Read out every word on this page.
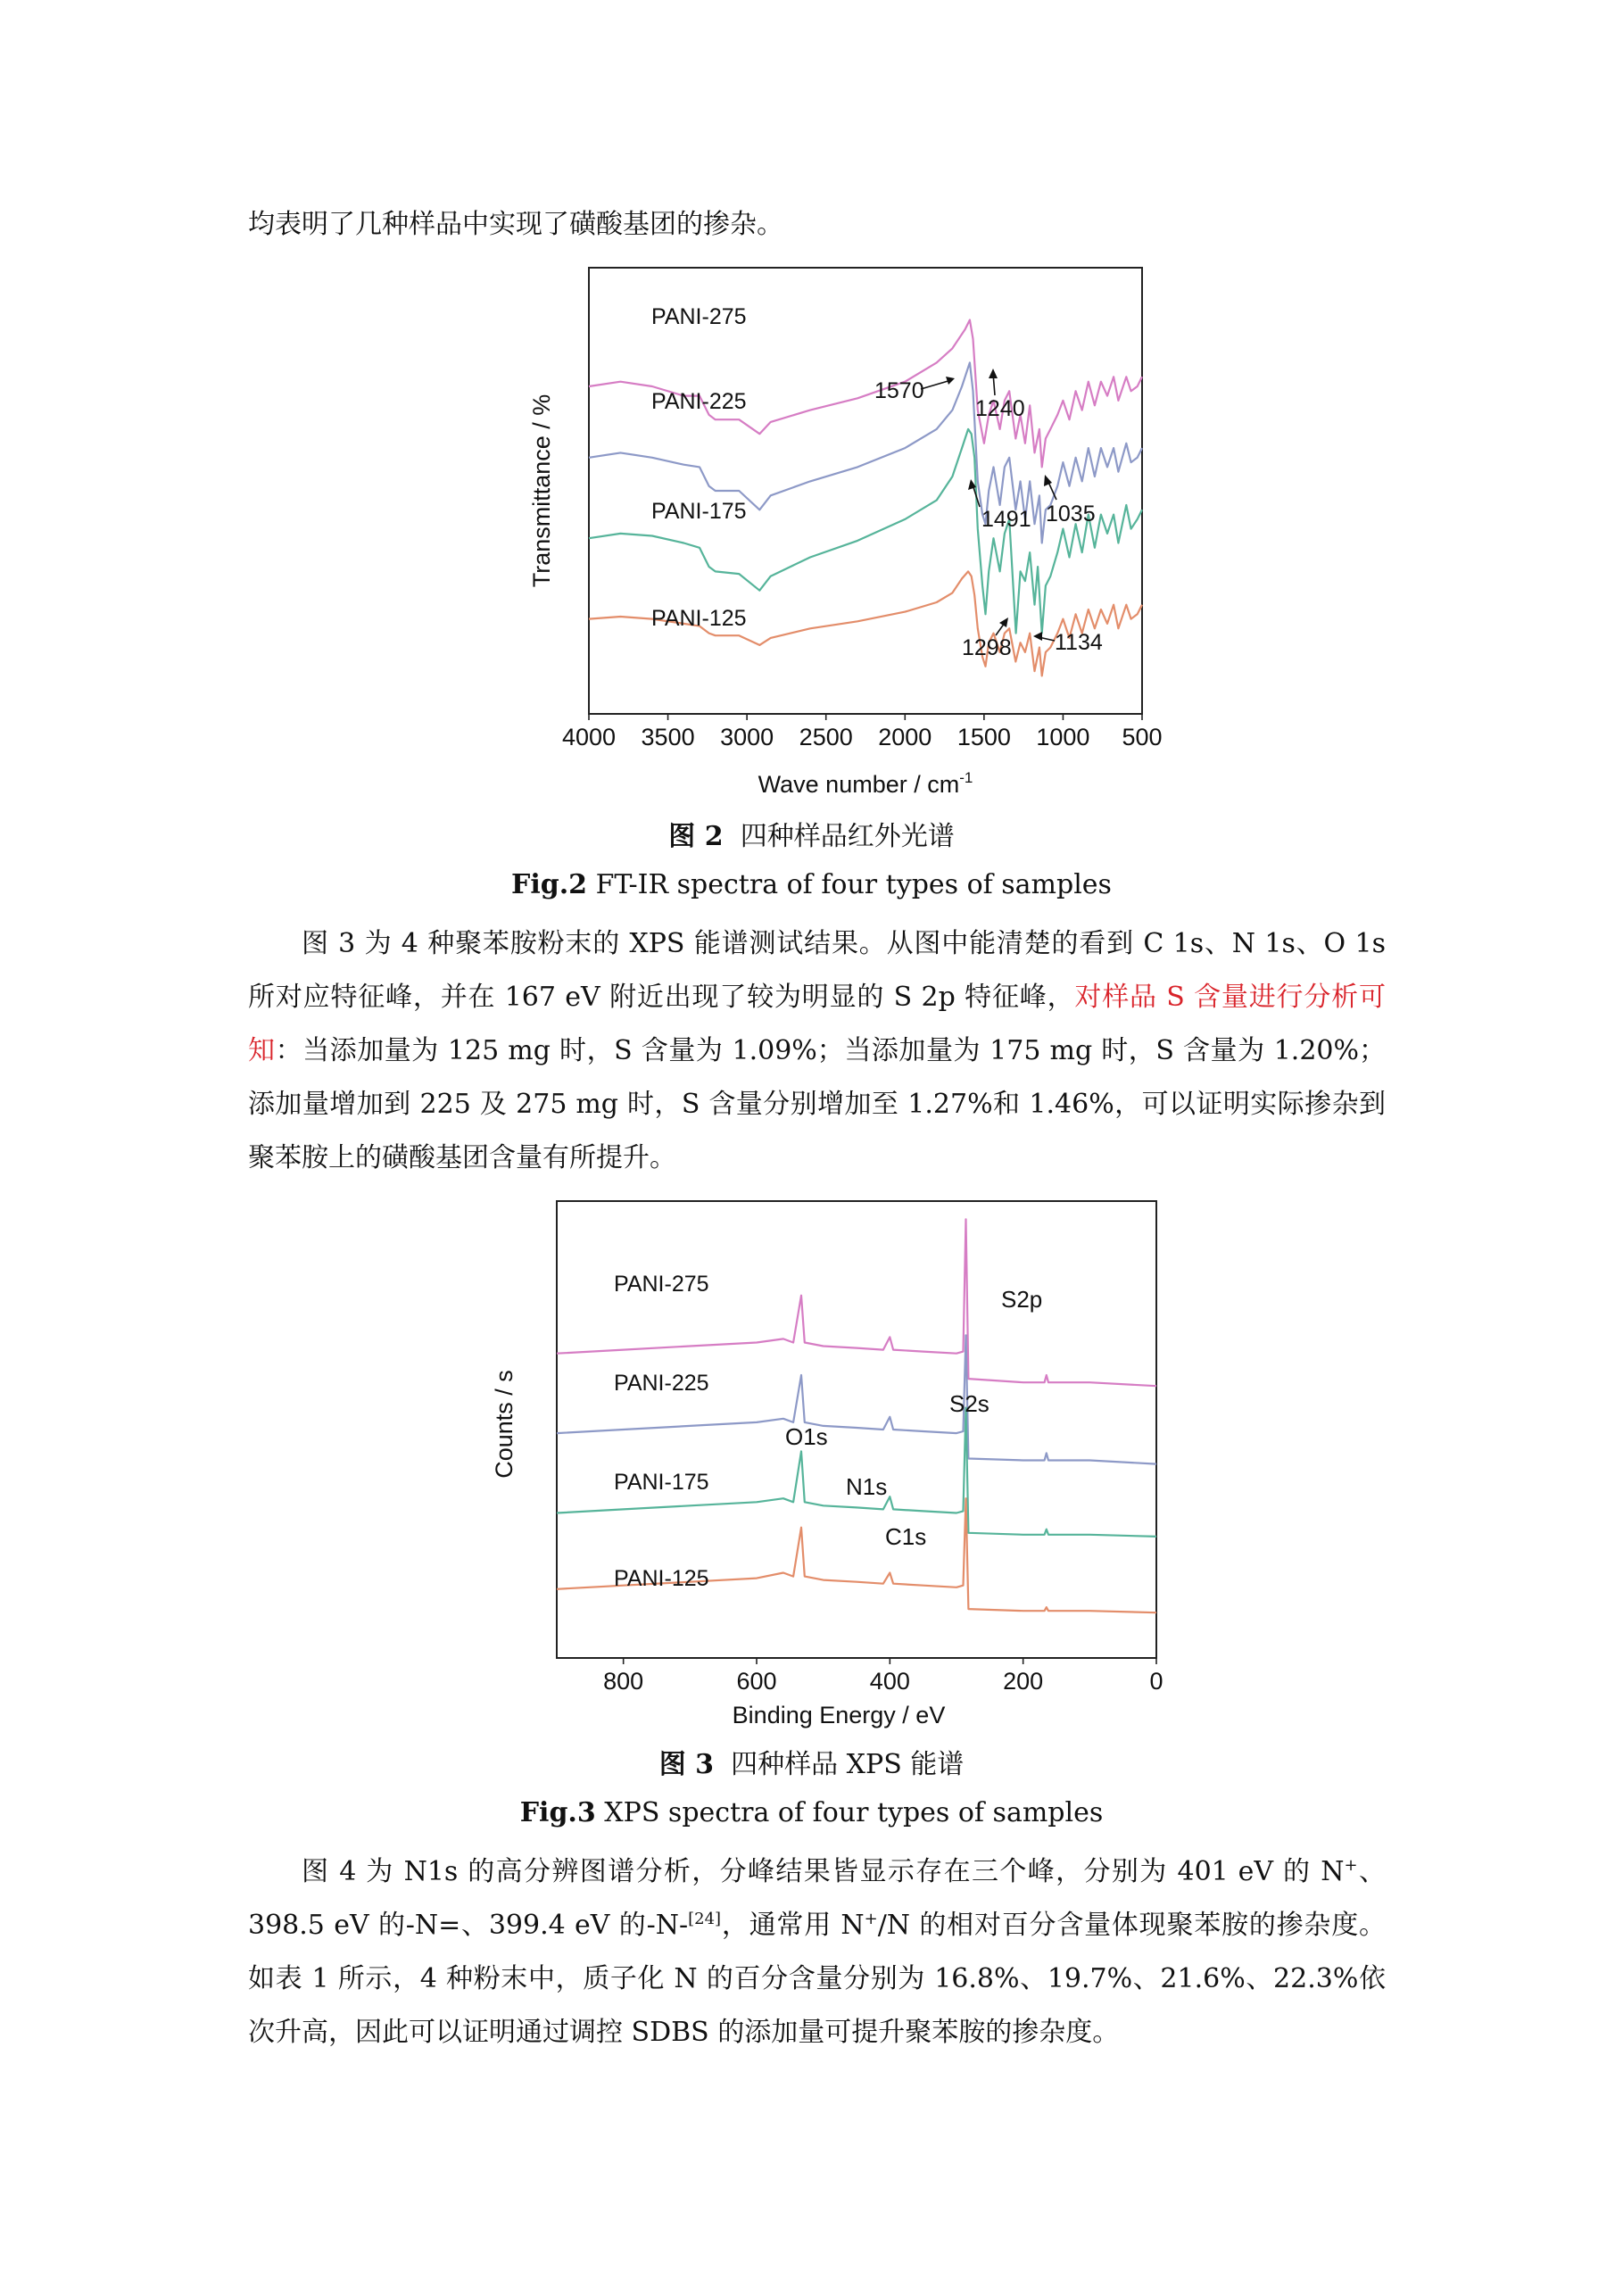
均表明了几种样品中实现了磺酸基团的掺杂。

4000 3500 3000 2500 2000 1500 1000 500
PANI-275
PANI-225
PANI-175
PANI-125
Transmittance / %
Wave number / $cm^{-1}$
1570
1240
1491 1035
1298 1134

图 2 四种样品红外光谱

Fig.2 FT-IR spectra of four types of samples

图 3 为 4 种聚苯胺粉末的 XPS 能谱测试结果。从图中能清楚的看到 C 1s、N 1s、O 1s 所对应特征峰，并在 167 eV 附近出现了较为明显的 S 2p 特征峰，对样品 S 含量进行分析可知：当添加量为 125 mg 时，S 含量为 1.09%；当添加量为 175 mg 时，S 含量为 1.20%；添加量增加到 225 及 275 mg 时，S 含量分别增加至 1.27%和 1.46%，可以证明实际掺杂到聚苯胺上的磺酸基团含量有所提升。

800	600	400	200	0
PANI-275
PANI-225
PANI-175
PANI-125
Counts / s
Binding Energy / eV
S2p
S2s
O1s
N1s
C1s

图 3 四种样品 XPS 能谱

Fig.3 XPS spectra of four types of samples

图 4 为 N1s 的高分辨图谱分析，分峰结果皆显示存在三个峰，分别为 401 eV 的 N+、398.5 eV 的-N=、399.4 eV 的-N-[24]，通常用 N+/N 的相对百分含量体现聚苯胺的掺杂度。如表 1 所示，4 种粉末中，质子化 N 的百分含量分别为 16.8%、19.7%、21.6%、22.3%依次升高，因此可以证明通过调控 SDBS 的添加量可提升聚苯胺的掺杂度。
